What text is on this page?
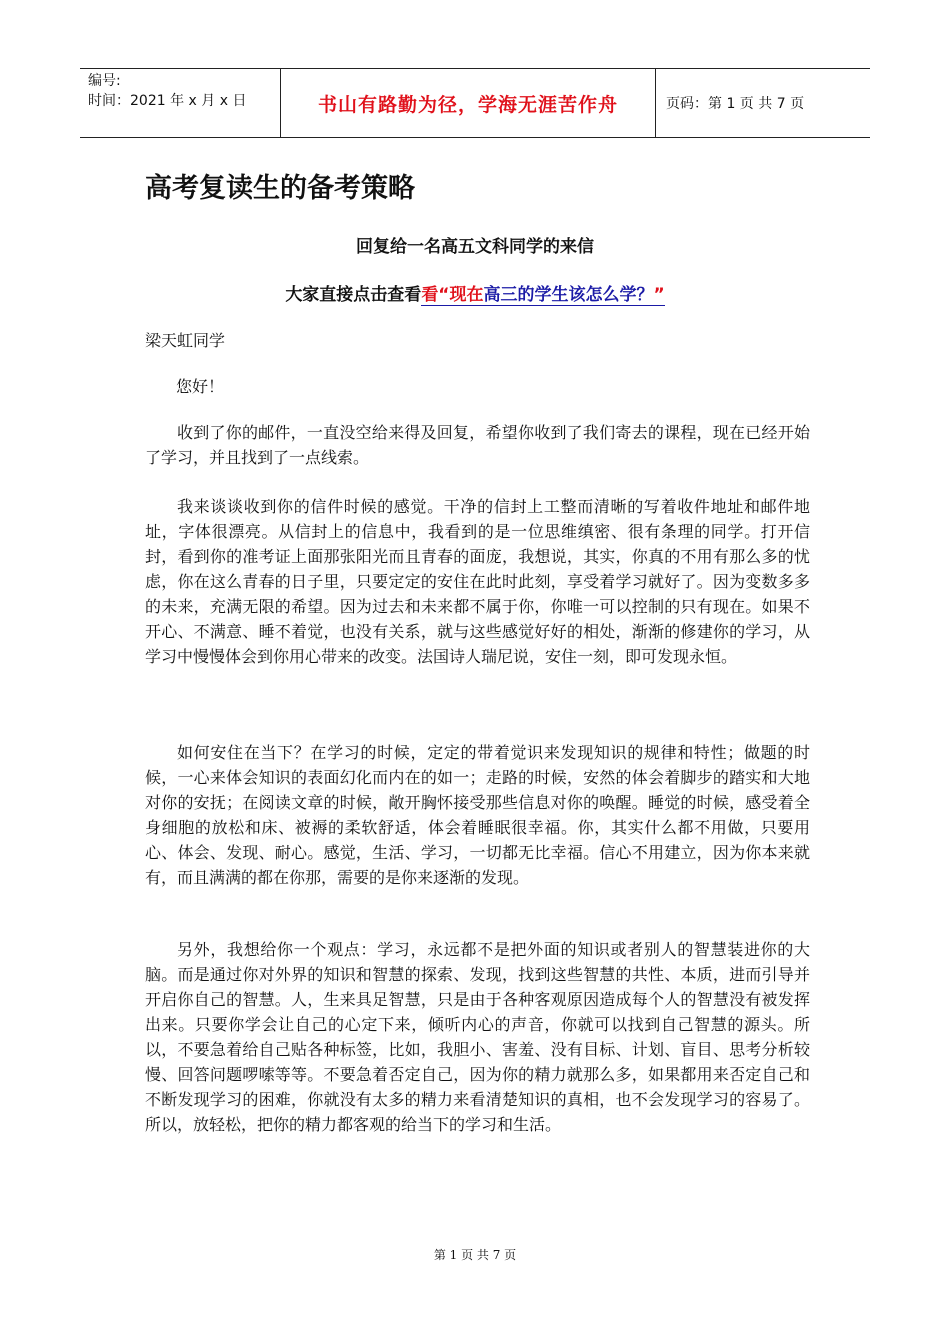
编号:
时间：2021 年 x 月 x 日	书山有路勤为径，学海无涯苦作舟	页码：第 1 页 共 7 页
高考复读生的备考策略
回复给一名高五文科同学的来信
大家直接点击查看看“现在高三的学生该怎么学？”
梁天虹同学
您好！

收到了你的邮件，一直没空给来得及回复，希望你收到了我们寄去的课程，现在已经开始了学习，并且找到了一点线索。

我来谈谈收到你的信件时候的感觉。干净的信封上工整而清晰的写着收件地址和邮件地址，字体很漂亮。从信封上的信息中，我看到的是一位思维缜密、很有条理的同学。打开信封，看到你的准考证上面那张阳光而且青春的面庞，我想说，其实，你真的不用有那么多的忧虑，你在这么青春的日子里，只要定定的安住在此时此刻，享受着学习就好了。因为变数多多的未来，充满无限的希望。因为过去和未来都不属于你，你唯一可以控制的只有现在。如果不开心、不满意、睡不着觉，也没有关系，就与这些感觉好好的相处，渐渐的修建你的学习，从学习中慢慢体会到你用心带来的改变。法国诗人瑞尼说，安住一刻，即可发现永恒。

如何安住在当下？在学习的时候，定定的带着觉识来发现知识的规律和特性；做题的时候，一心来体会知识的表面幻化而内在的如一；走路的时候，安然的体会着脚步的踏实和大地对你的安抚；在阅读文章的时候，敞开胸怀接受那些信息对你的唤醒。睡觉的时候，感受着全身细胞的放松和床、被褥的柔软舒适，体会着睡眠很幸福。你，其实什么都不用做，只要用心、体会、发现、耐心。感觉，生活、学习，一切都无比幸福。信心不用建立，因为你本来就有，而且满满的都在你那，需要的是你来逐渐的发现。

另外，我想给你一个观点：学习，永远都不是把外面的知识或者别人的智慧装进你的大脑。而是通过你对外界的知识和智慧的探索、发现，找到这些智慧的共性、本质，进而引导并开启你自己的智慧。人，生来具足智慧，只是由于各种客观原因造成每个人的智慧没有被发挥出来。只要你学会让自己的心定下来，倾听内心的声音，你就可以找到自己智慧的源头。所以，不要急着给自己贴各种标签，比如，我胆小、害羞、没有目标、计划、盲目、思考分析较慢、回答问题啰嗦等等。不要急着否定自己，因为你的精力就那么多，如果都用来否定自己和不断发现学习的困难，你就没有太多的精力来看清楚知识的真相，也不会发现学习的容易了。所以，放轻松，把你的精力都客观的给当下的学习和生活。

第 1 页 共 7 页
